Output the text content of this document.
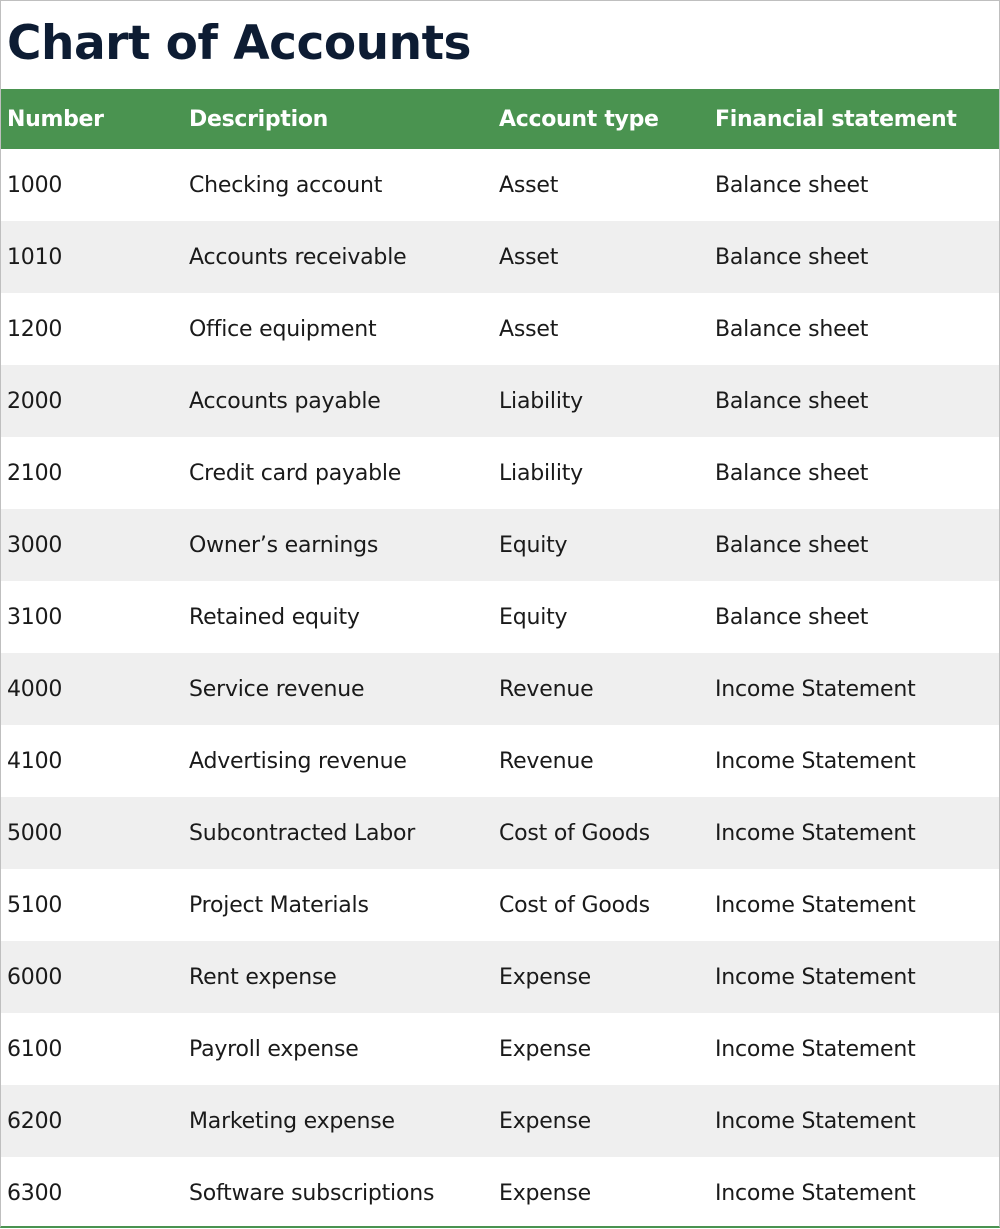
Chart of Accounts
Number	Description	Account type	Financial statement
1000	Checking account	Asset	Balance sheet
1010	Accounts receivable	Asset	Balance sheet
1200	Office equipment	Asset	Balance sheet
2000	Accounts payable	Liability	Balance sheet
2100	Credit card payable	Liability	Balance sheet
3000	Owner’s earnings	Equity	Balance sheet
3100	Retained equity	Equity	Balance sheet
4000	Service revenue	Revenue	Income Statement
4100	Advertising revenue	Revenue	Income Statement
5000	Subcontracted Labor	Cost of Goods	Income Statement
5100	Project Materials	Cost of Goods	Income Statement
6000	Rent expense	Expense	Income Statement
6100	Payroll expense	Expense	Income Statement
6200	Marketing expense	Expense	Income Statement
6300	Software subscriptions	Expense	Income Statement
